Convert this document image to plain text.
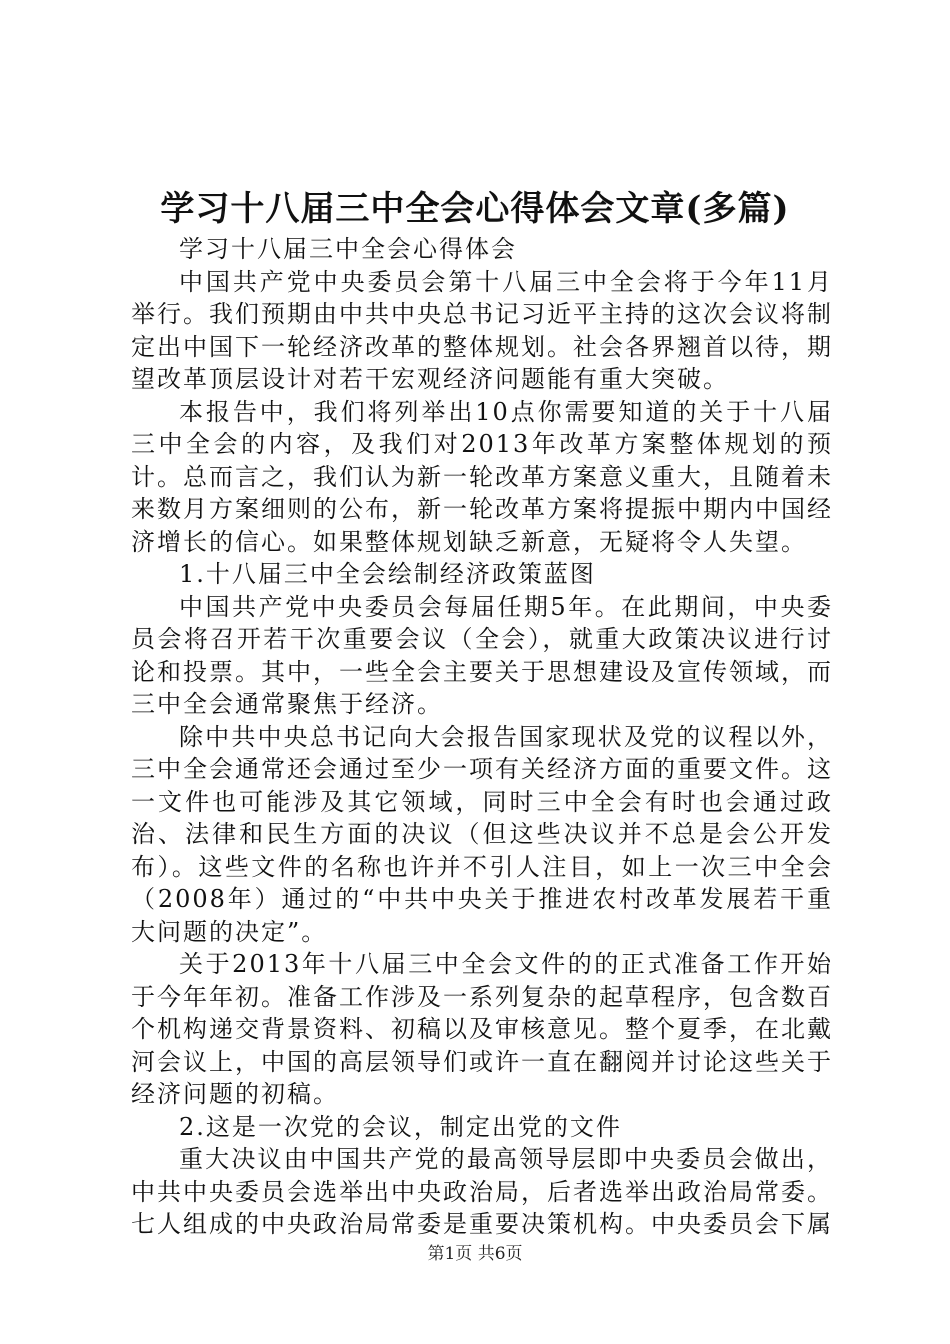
学习十八届三中全会心得体会文章(多篇)

学习十八届三中全会心得体会

中国共产党中央委员会第十八届三中全会将于今年11月举行。我们预期由中共中央总书记习近平主持的这次会议将制定出中国下一轮经济改革的整体规划。社会各界翘首以待，期望改革顶层设计对若干宏观经济问题能有重大突破。

本报告中，我们将列举出10点你需要知道的关于十八届三中全会的内容，及我们对2013年改革方案整体规划的预计。总而言之，我们认为新一轮改革方案意义重大，且随着未来数月方案细则的公布，新一轮改革方案将提振中期内中国经济增长的信心。如果整体规划缺乏新意，无疑将令人失望。

1.十八届三中全会绘制经济政策蓝图

中国共产党中央委员会每届任期5年。在此期间，中央委员会将召开若干次重要会议（全会），就重大政策决议进行讨论和投票。其中，一些全会主要关于思想建设及宣传领域，而三中全会通常聚焦于经济。

除中共中央总书记向大会报告国家现状及党的议程以外，三中全会通常还会通过至少一项有关经济方面的重要文件。这一文件也可能涉及其它领域，同时三中全会有时也会通过政治、法律和民生方面的决议（但这些决议并不总是会公开发布）。这些文件的名称也许并不引人注目，如上一次三中全会（2008年）通过的“中共中央关于推进农村改革发展若干重大问题的决定”。

关于2013年十八届三中全会文件的的正式准备工作开始于今年年初。准备工作涉及一系列复杂的起草程序，包含数百个机构递交背景资料、初稿以及审核意见。整个夏季，在北戴河会议上，中国的高层领导们或许一直在翻阅并讨论这些关于经济问题的初稿。

2.这是一次党的会议，制定出党的文件

重大决议由中国共产党的最高领导层即中央委员会做出，中共中央委员会选举出中央政治局，后者选举出政治局常委。七人组成的中央政治局常委是重要决策机构。中央委员会下属

第1页 共6页
